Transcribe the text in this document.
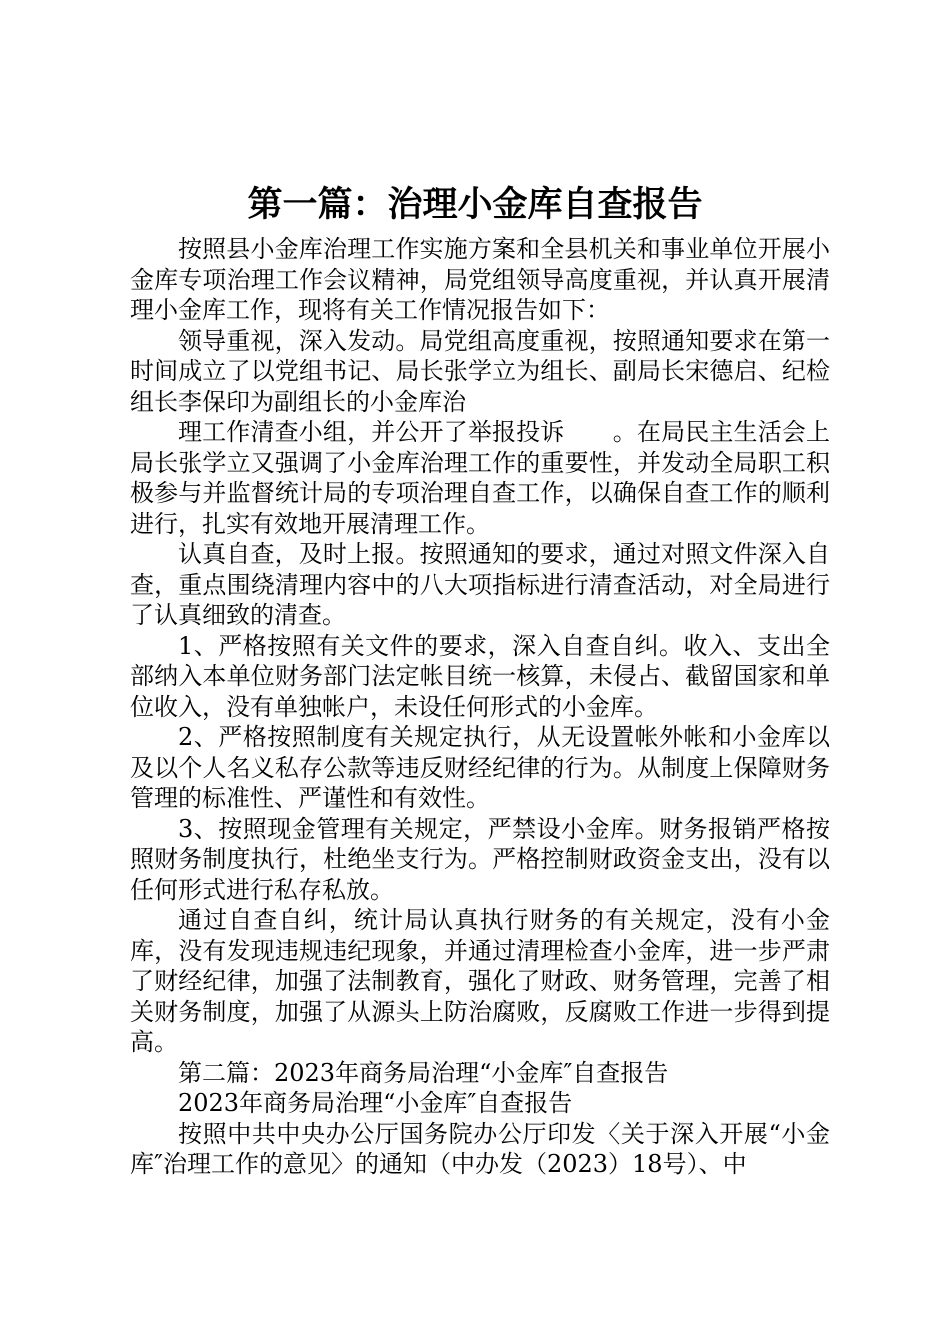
第一篇：治理小金库自查报告

按照县小金库治理工作实施方案和全县机关和事业单位开展小金库专项治理工作会议精神，局党组领导高度重视，并认真开展清理小金库工作，现将有关工作情况报告如下：

领导重视，深入发动。局党组高度重视，按照通知要求在第一时间成立了以党组书记、局长张学立为组长、副局长宋德启、纪检组长李保印为副组长的小金库治

理工作清查小组，并公开了举报投诉　　。在局民主生活会上局长张学立又强调了小金库治理工作的重要性，并发动全局职工积极参与并监督统计局的专项治理自查工作，以确保自查工作的顺利进行，扎实有效地开展清理工作。

认真自查，及时上报。按照通知的要求，通过对照文件深入自查，重点围绕清理内容中的八大项指标进行清查活动，对全局进行了认真细致的清查。

1、严格按照有关文件的要求，深入自查自纠。收入、支出全部纳入本单位财务部门法定帐目统一核算，未侵占、截留国家和单位收入，没有单独帐户，未设任何形式的小金库。

2、严格按照制度有关规定执行，从无设置帐外帐和小金库以及以个人名义私存公款等违反财经纪律的行为。从制度上保障财务管理的标准性、严谨性和有效性。

3、按照现金管理有关规定，严禁设小金库。财务报销严格按照财务制度执行，杜绝坐支行为。严格控制财政资金支出，没有以任何形式进行私存私放。

通过自查自纠，统计局认真执行财务的有关规定，没有小金库，没有发现违规违纪现象，并通过清理检查小金库，进一步严肃了财经纪律，加强了法制教育，强化了财政、财务管理，完善了相关财务制度，加强了从源头上防治腐败，反腐败工作进一步得到提高。

第二篇：2023年商务局治理“小金库″自查报告

2023年商务局治理“小金库″自查报告

按照中共中央办公厅国务院办公厅印发〈关于深入开展“小金库″治理工作的意见〉的通知（中办发（2023）18号）、中
